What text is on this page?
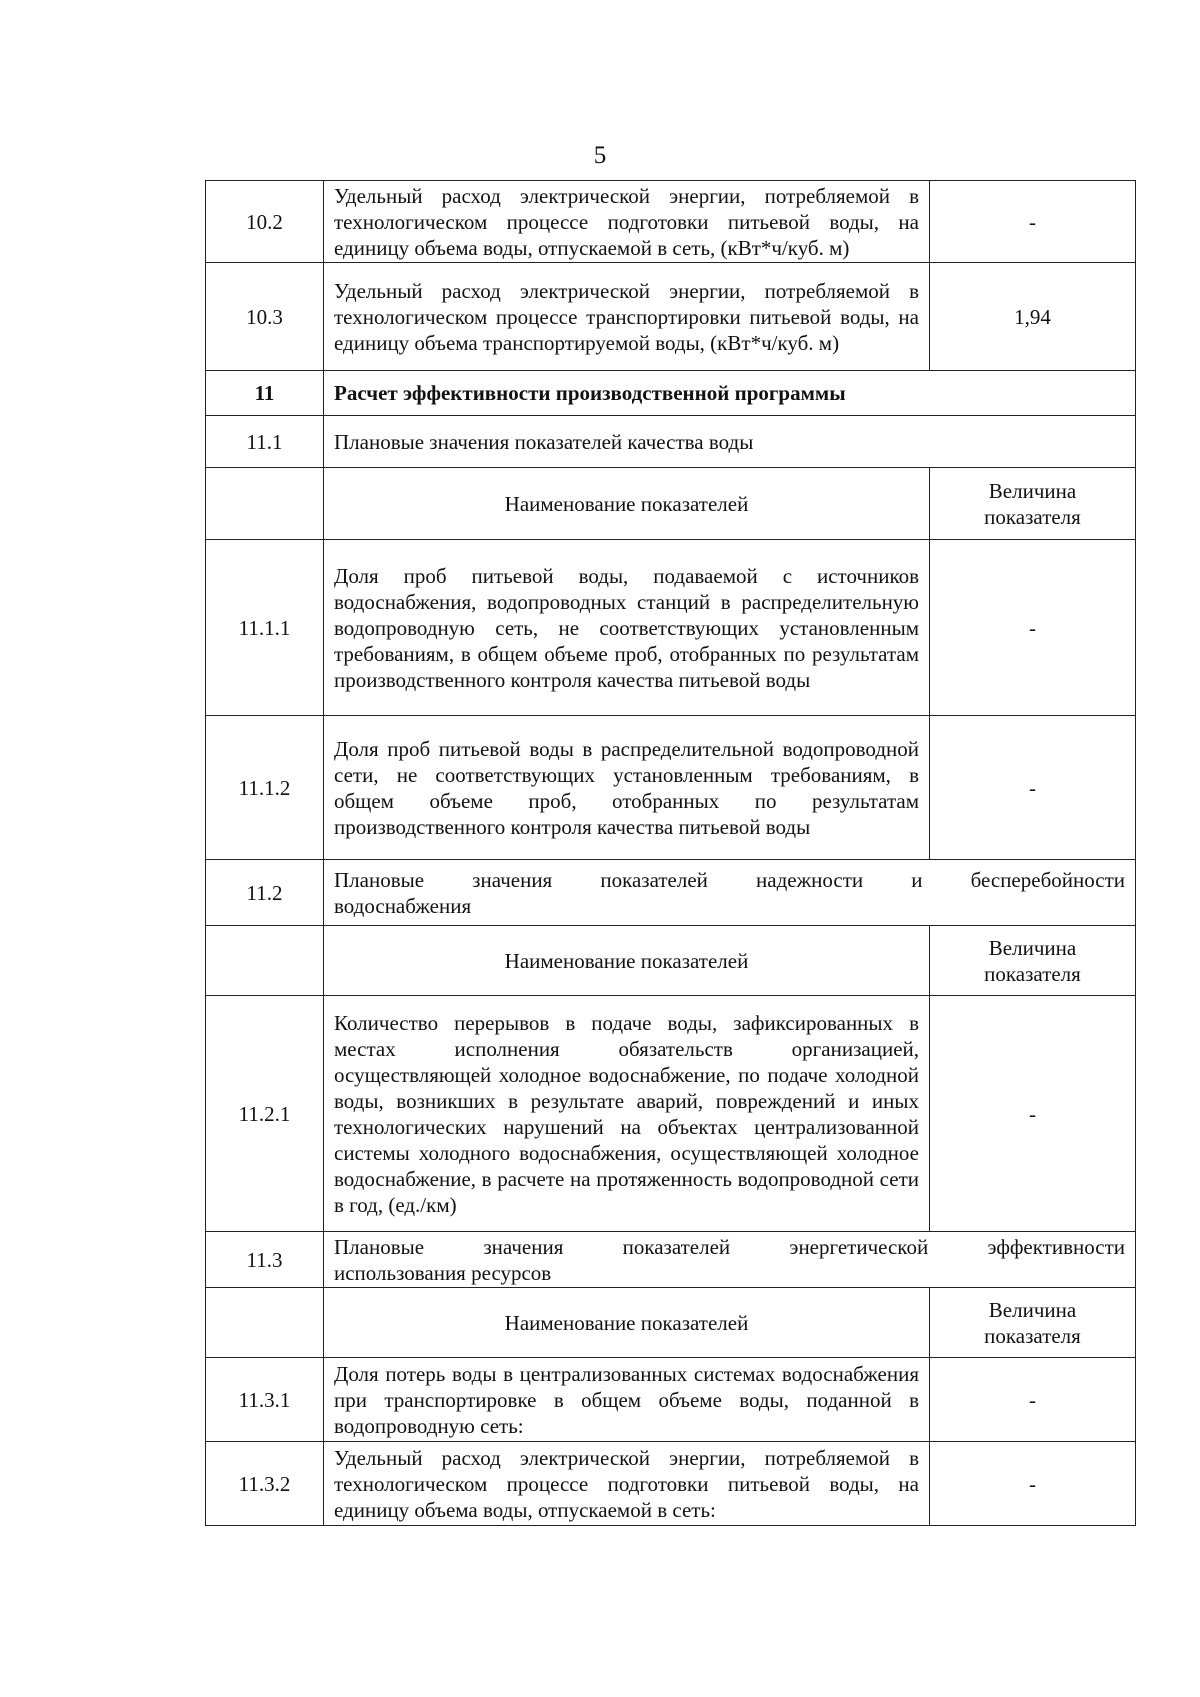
5
10.2	Удельный расход электрической энергии, потребляемой в технологическом процессе подготовки питьевой воды, на единицу объема воды, отпускаемой в сеть, (кВт*ч/куб. м)	-
10.3	Удельный расход электрической энергии, потребляемой в технологическом процессе транспортировки питьевой воды, на единицу объема транспортируемой воды, (кВт*ч/куб. м)	1,94
11	Расчет эффективности производственной программы	
11.1	Плановые значения показателей качества воды	
	Наименование показателей	Величина показателя
11.1.1	Доля проб питьевой воды, подаваемой с источников водоснабжения, водопроводных станций в распределительную водопроводную сеть, не соответствующих установленным требованиям, в общем объеме проб, отобранных по результатам производственного контроля качества питьевой воды	-
11.1.2	Доля проб питьевой воды в распределительной водопроводной сети, не соответствующих установленным требованиям, в общем объеме проб, отобранных по результатам производственного контроля качества питьевой воды	-
11.2	Плановые значения показателей надежности и бесперебойности
водоснабжения	

	Наименование показателей	Величина показателя
11.2.1	Количество перерывов в подаче воды, зафиксированных в местах исполнения обязательств организацией, осуществляющей холодное водоснабжение, по подаче холодной воды, возникших в результате аварий, повреждений и иных технологических нарушений на объектах централизованной системы холодного водоснабжения, осуществляющей холодное водоснабжение, в расчете на протяженность водопроводной сети в год, (ед./км)	-
11.3	Плановые значения показателей энергетической эффективности
использования ресурсов	

	Наименование показателей	Величина показателя
11.3.1	Доля потерь воды в централизованных системах водоснабжения при транспортировке в общем объеме воды, поданной в водопроводную сеть:	-
11.3.2	Удельный расход электрической энергии, потребляемой в технологическом процессе подготовки питьевой воды, на единицу объема воды, отпускаемой в сеть:	-
